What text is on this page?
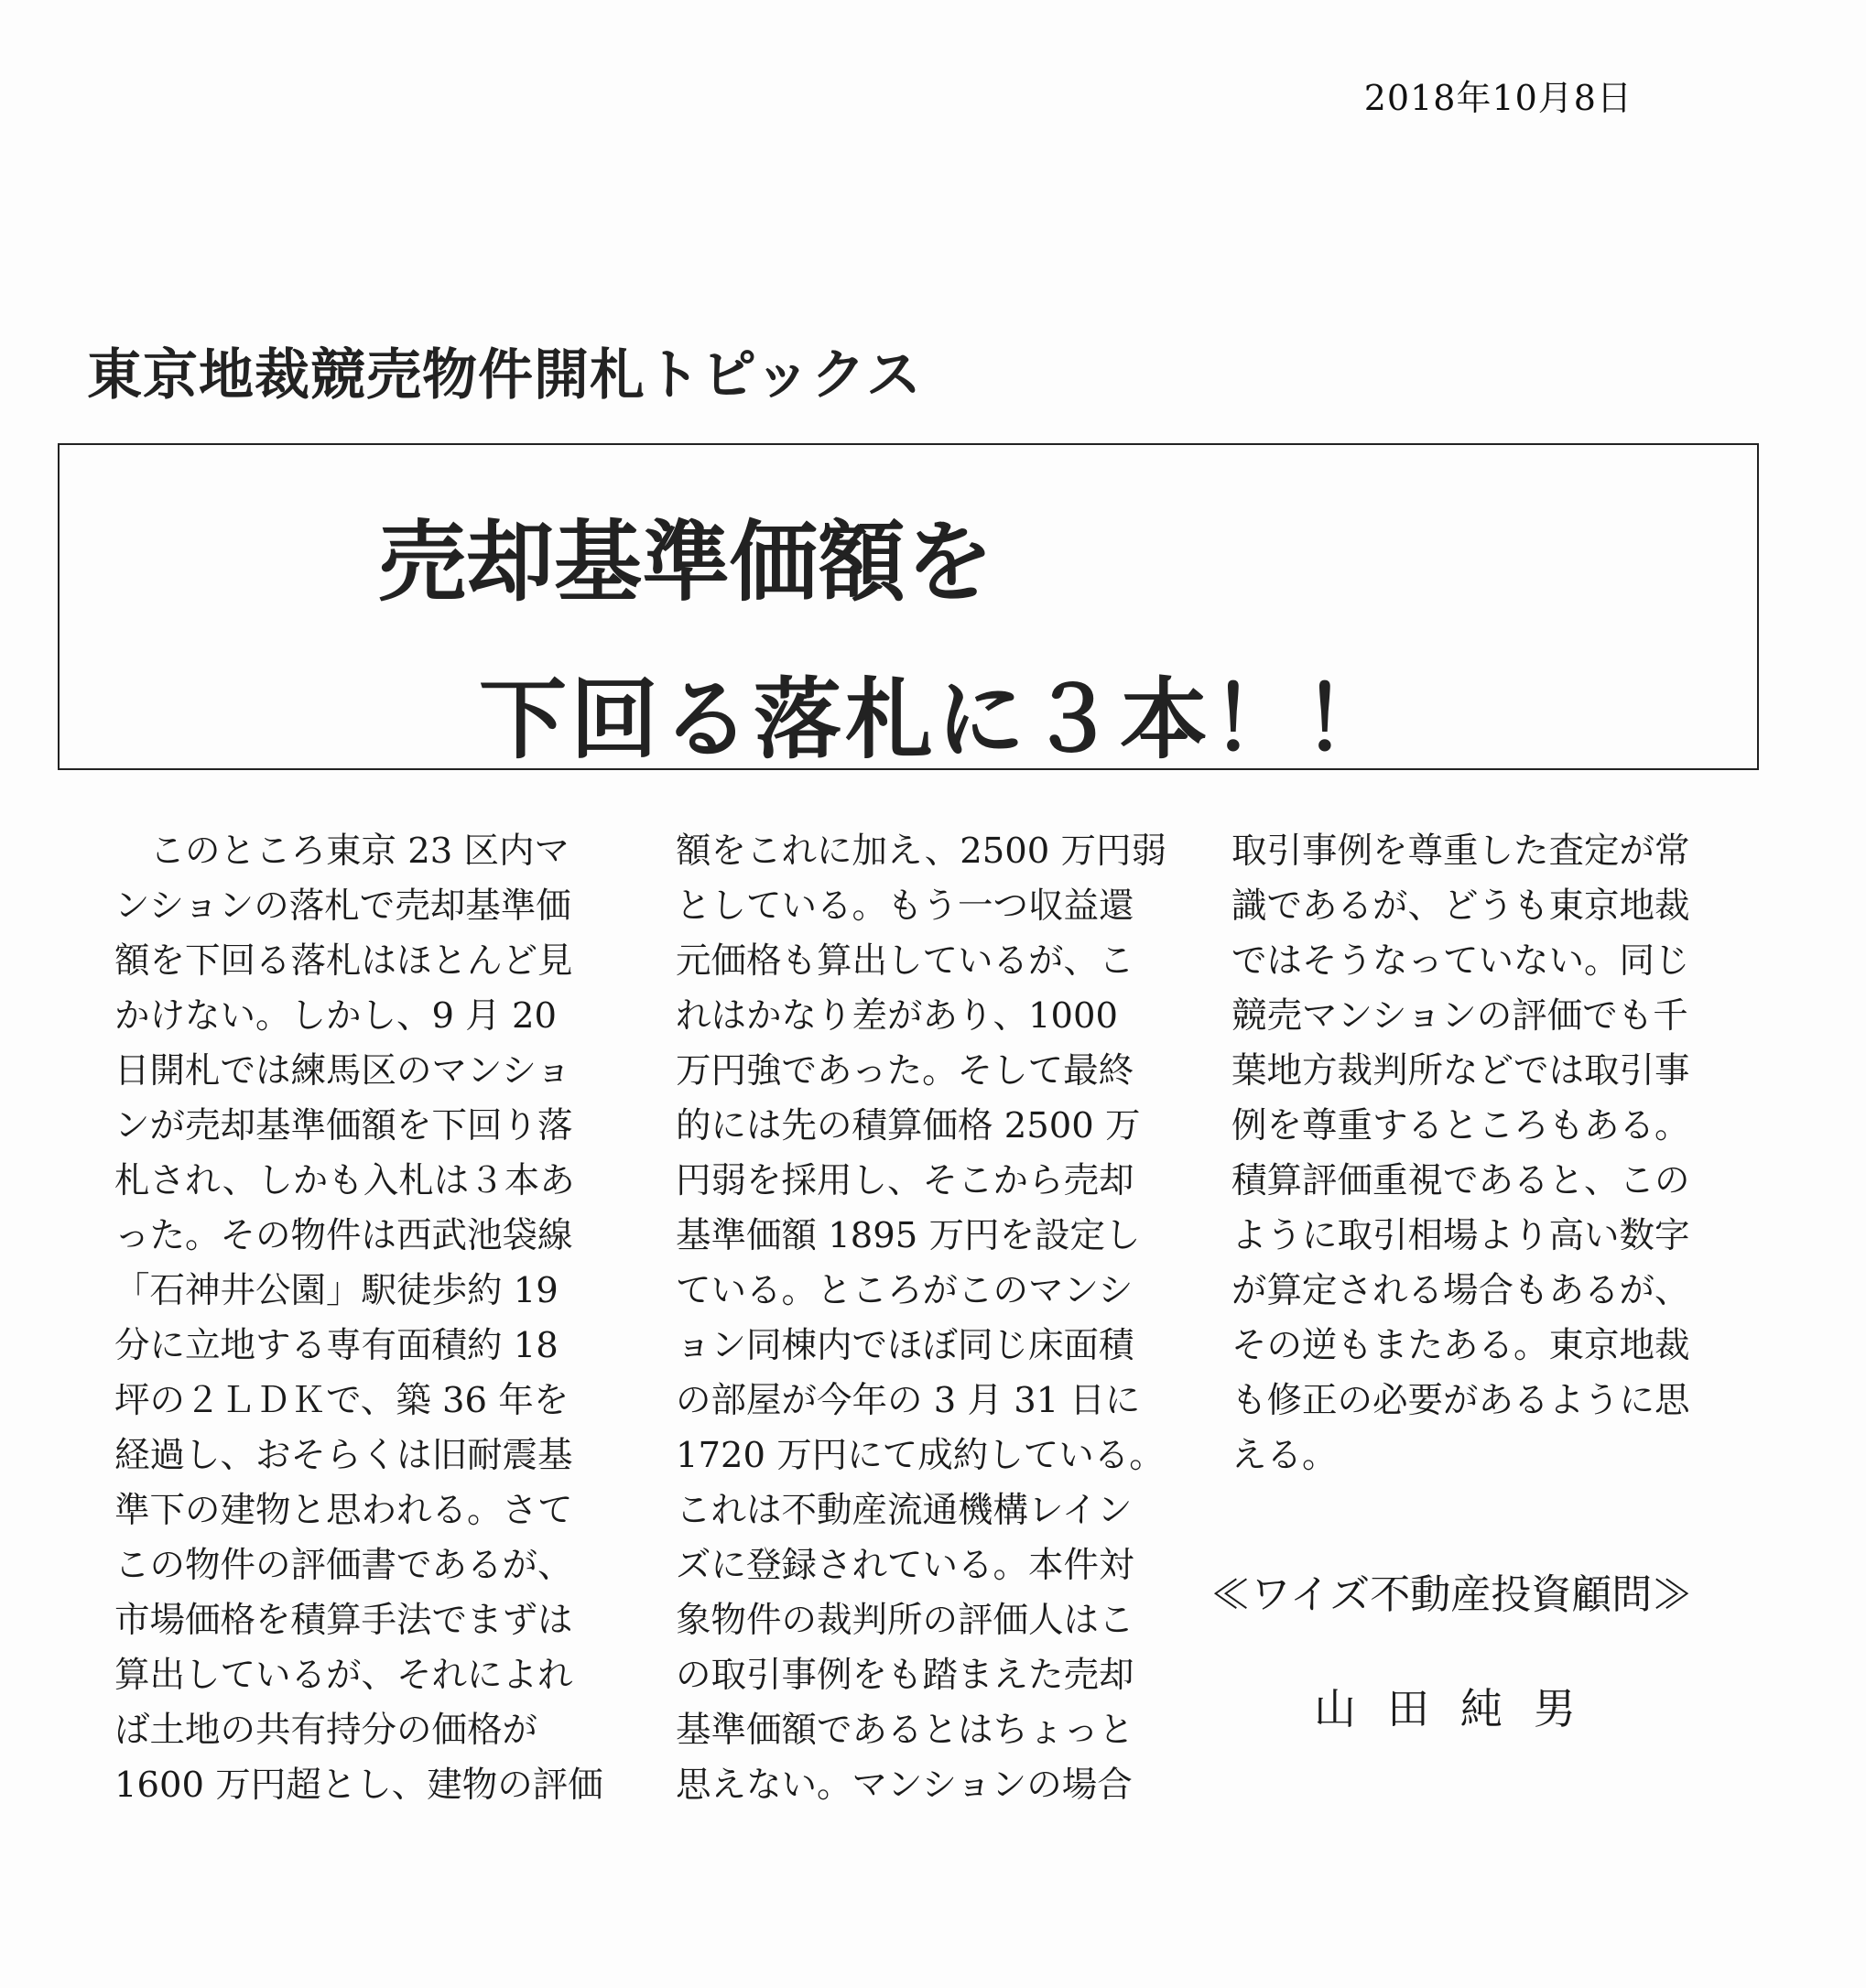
2018年10月8日
東京地裁競売物件開札トピックス
売却基準価額を
下回る落札に３本！！
　このところ東京 23 区内マ
ンションの落札で売却基準価
額を下回る落札はほとんど見
かけない。しかし、9 月 20
日開札では練馬区のマンショ
ンが売却基準価額を下回り落
札され、しかも入札は３本あ
った。その物件は西武池袋線
「石神井公園」駅徒歩約 19
分に立地する専有面積約 18
坪の２ＬＤＫで、築 36 年を
経過し、おそらくは旧耐震基
準下の建物と思われる。さて
この物件の評価書であるが、
市場価格を積算手法でまずは
算出しているが、それによれ
ば土地の共有持分の価格が
1600 万円超とし、建物の評価
額をこれに加え、2500 万円弱
としている。もう一つ収益還
元価格も算出しているが、こ
れはかなり差があり、1000
万円強であった。そして最終
的には先の積算価格 2500 万
円弱を採用し、そこから売却
基準価額 1895 万円を設定し
ている。ところがこのマンシ
ョン同棟内でほぼ同じ床面積
の部屋が今年の 3 月 31 日に
1720 万円にて成約している。
これは不動産流通機構レイン
ズに登録されている。本件対
象物件の裁判所の評価人はこ
の取引事例をも踏まえた売却
基準価額であるとはちょっと
思えない。マンションの場合
取引事例を尊重した査定が常
識であるが、どうも東京地裁
ではそうなっていない。同じ
競売マンションの評価でも千
葉地方裁判所などでは取引事
例を尊重するところもある。
積算評価重視であると、この
ように取引相場より高い数字
が算定される場合もあるが、
その逆もまたある。東京地裁
も修正の必要があるように思
える。
≪ワイズ不動産投資顧問≫
山田純男
